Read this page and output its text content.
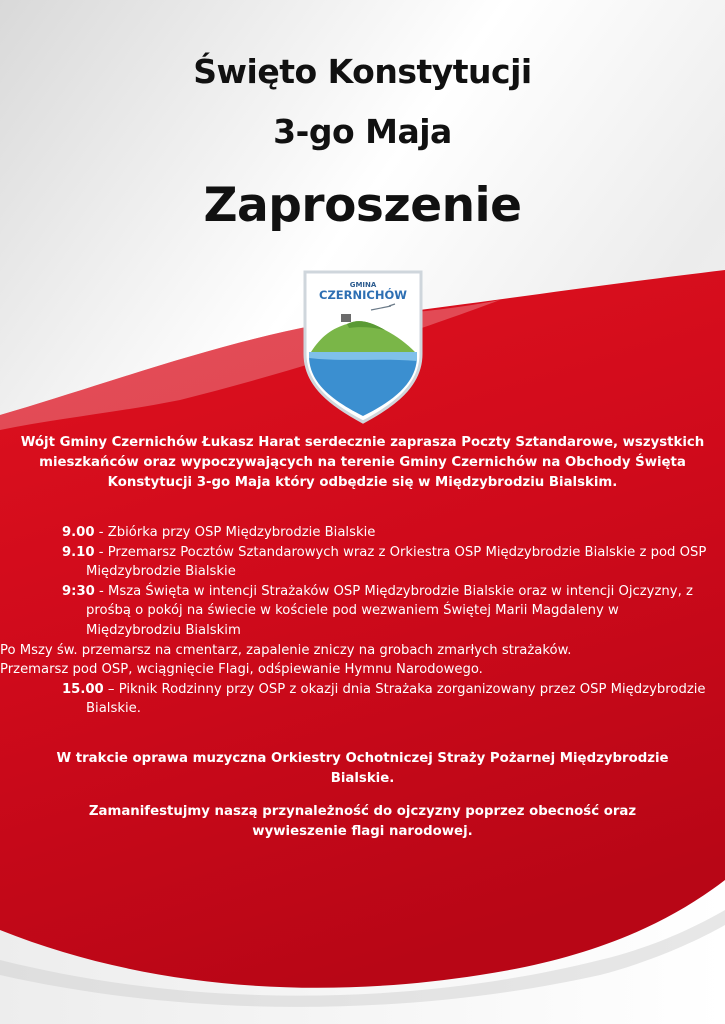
Święto Konstytucji
3-go Maja
Zaproszenie
GMINA
CZERNICHÓW
Wójt Gminy Czernichów Łukasz Harat serdecznie zaprasza Poczty Sztandarowe, wszystkich mieszkańców oraz wypoczywających na terenie Gminy Czernichów na Obchody Święta Konstytucji 3-go Maja który odbędzie się w Międzybrodziu Bialskim.
9.00 - Zbiórka przy OSP Międzybrodzie Bialskie
9.10 - Przemarsz Pocztów Sztandarowych wraz z Orkiestra OSP Międzybrodzie Bialskie z pod OSP Międzybrodzie Bialskie
9:30 - Msza Święta w intencji Strażaków OSP Międzybrodzie Bialskie oraz w intencji Ojczyzny, z prośbą o pokój na świecie w kościele pod wezwaniem Świętej Marii Magdaleny w Międzybrodziu Bialskim
Po Mszy św. przemarsz na cmentarz, zapalenie zniczy na grobach zmarłych strażaków.
Przemarsz pod OSP, wciągnięcie Flagi, odśpiewanie Hymnu Narodowego.
15.00 – Piknik Rodzinny przy OSP z okazji dnia Strażaka zorganizowany przez OSP Międzybrodzie Bialskie.
W trakcie oprawa muzyczna Orkiestry Ochotniczej Straży Pożarnej Międzybrodzie Bialskie.
Zamanifestujmy naszą przynależność do ojczyzny poprzez obecność oraz wywieszenie flagi narodowej.
